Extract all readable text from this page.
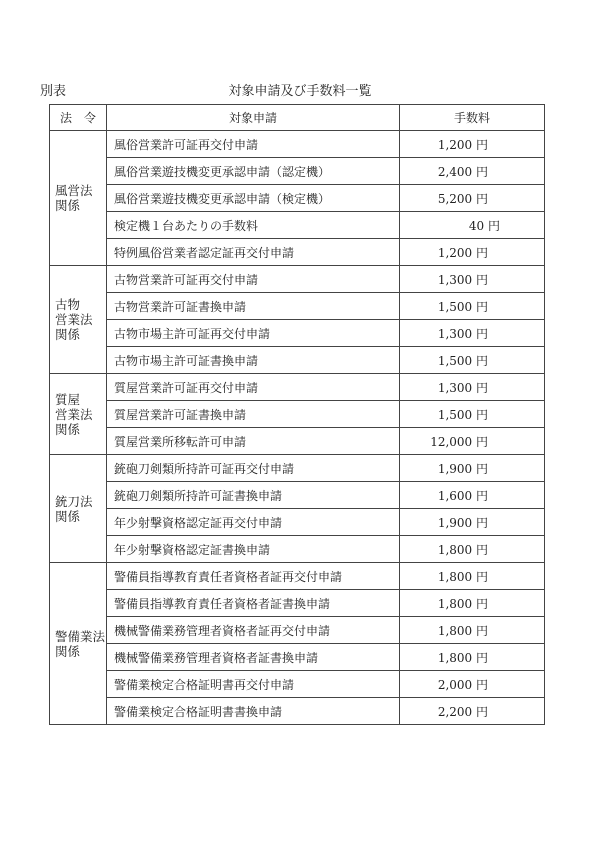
別表	対象申請及び手数料一覧
法　令	対象申請	手数料

風営法
関係	風俗営業許可証再交付申請	1,200 円
	風俗営業遊技機変更承認申請（認定機）	2,400 円
	風俗営業遊技機変更承認申請（検定機）	5,200 円
	検定機１台あたりの手数料	40 円
	特例風俗営業者認定証再交付申請	1,200 円

古物
営業法
関係	古物営業許可証再交付申請	1,300 円
	古物営業許可証書換申請	1,500 円
	古物市場主許可証再交付申請	1,300 円
	古物市場主許可証書換申請	1,500 円

質屋
営業法
関係	質屋営業許可証再交付申請	1,300 円
	質屋営業許可証書換申請	1,500 円
	質屋営業所移転許可申請	12,000 円

銃刀法
関係	銃砲刀剣類所持許可証再交付申請	1,900 円
	銃砲刀剣類所持許可証書換申請	1,600 円
	年少射撃資格認定証再交付申請	1,900 円
	年少射撃資格認定証書換申請	1,800 円

警備業法
関係	警備員指導教育責任者資格者証再交付申請	1,800 円
	警備員指導教育責任者資格者証書換申請	1,800 円
	機械警備業務管理者資格者証再交付申請	1,800 円
	機械警備業務管理者資格者証書換申請	1,800 円
	警備業検定合格証明書再交付申請	2,000 円
	警備業検定合格証明書書換申請	2,200 円
